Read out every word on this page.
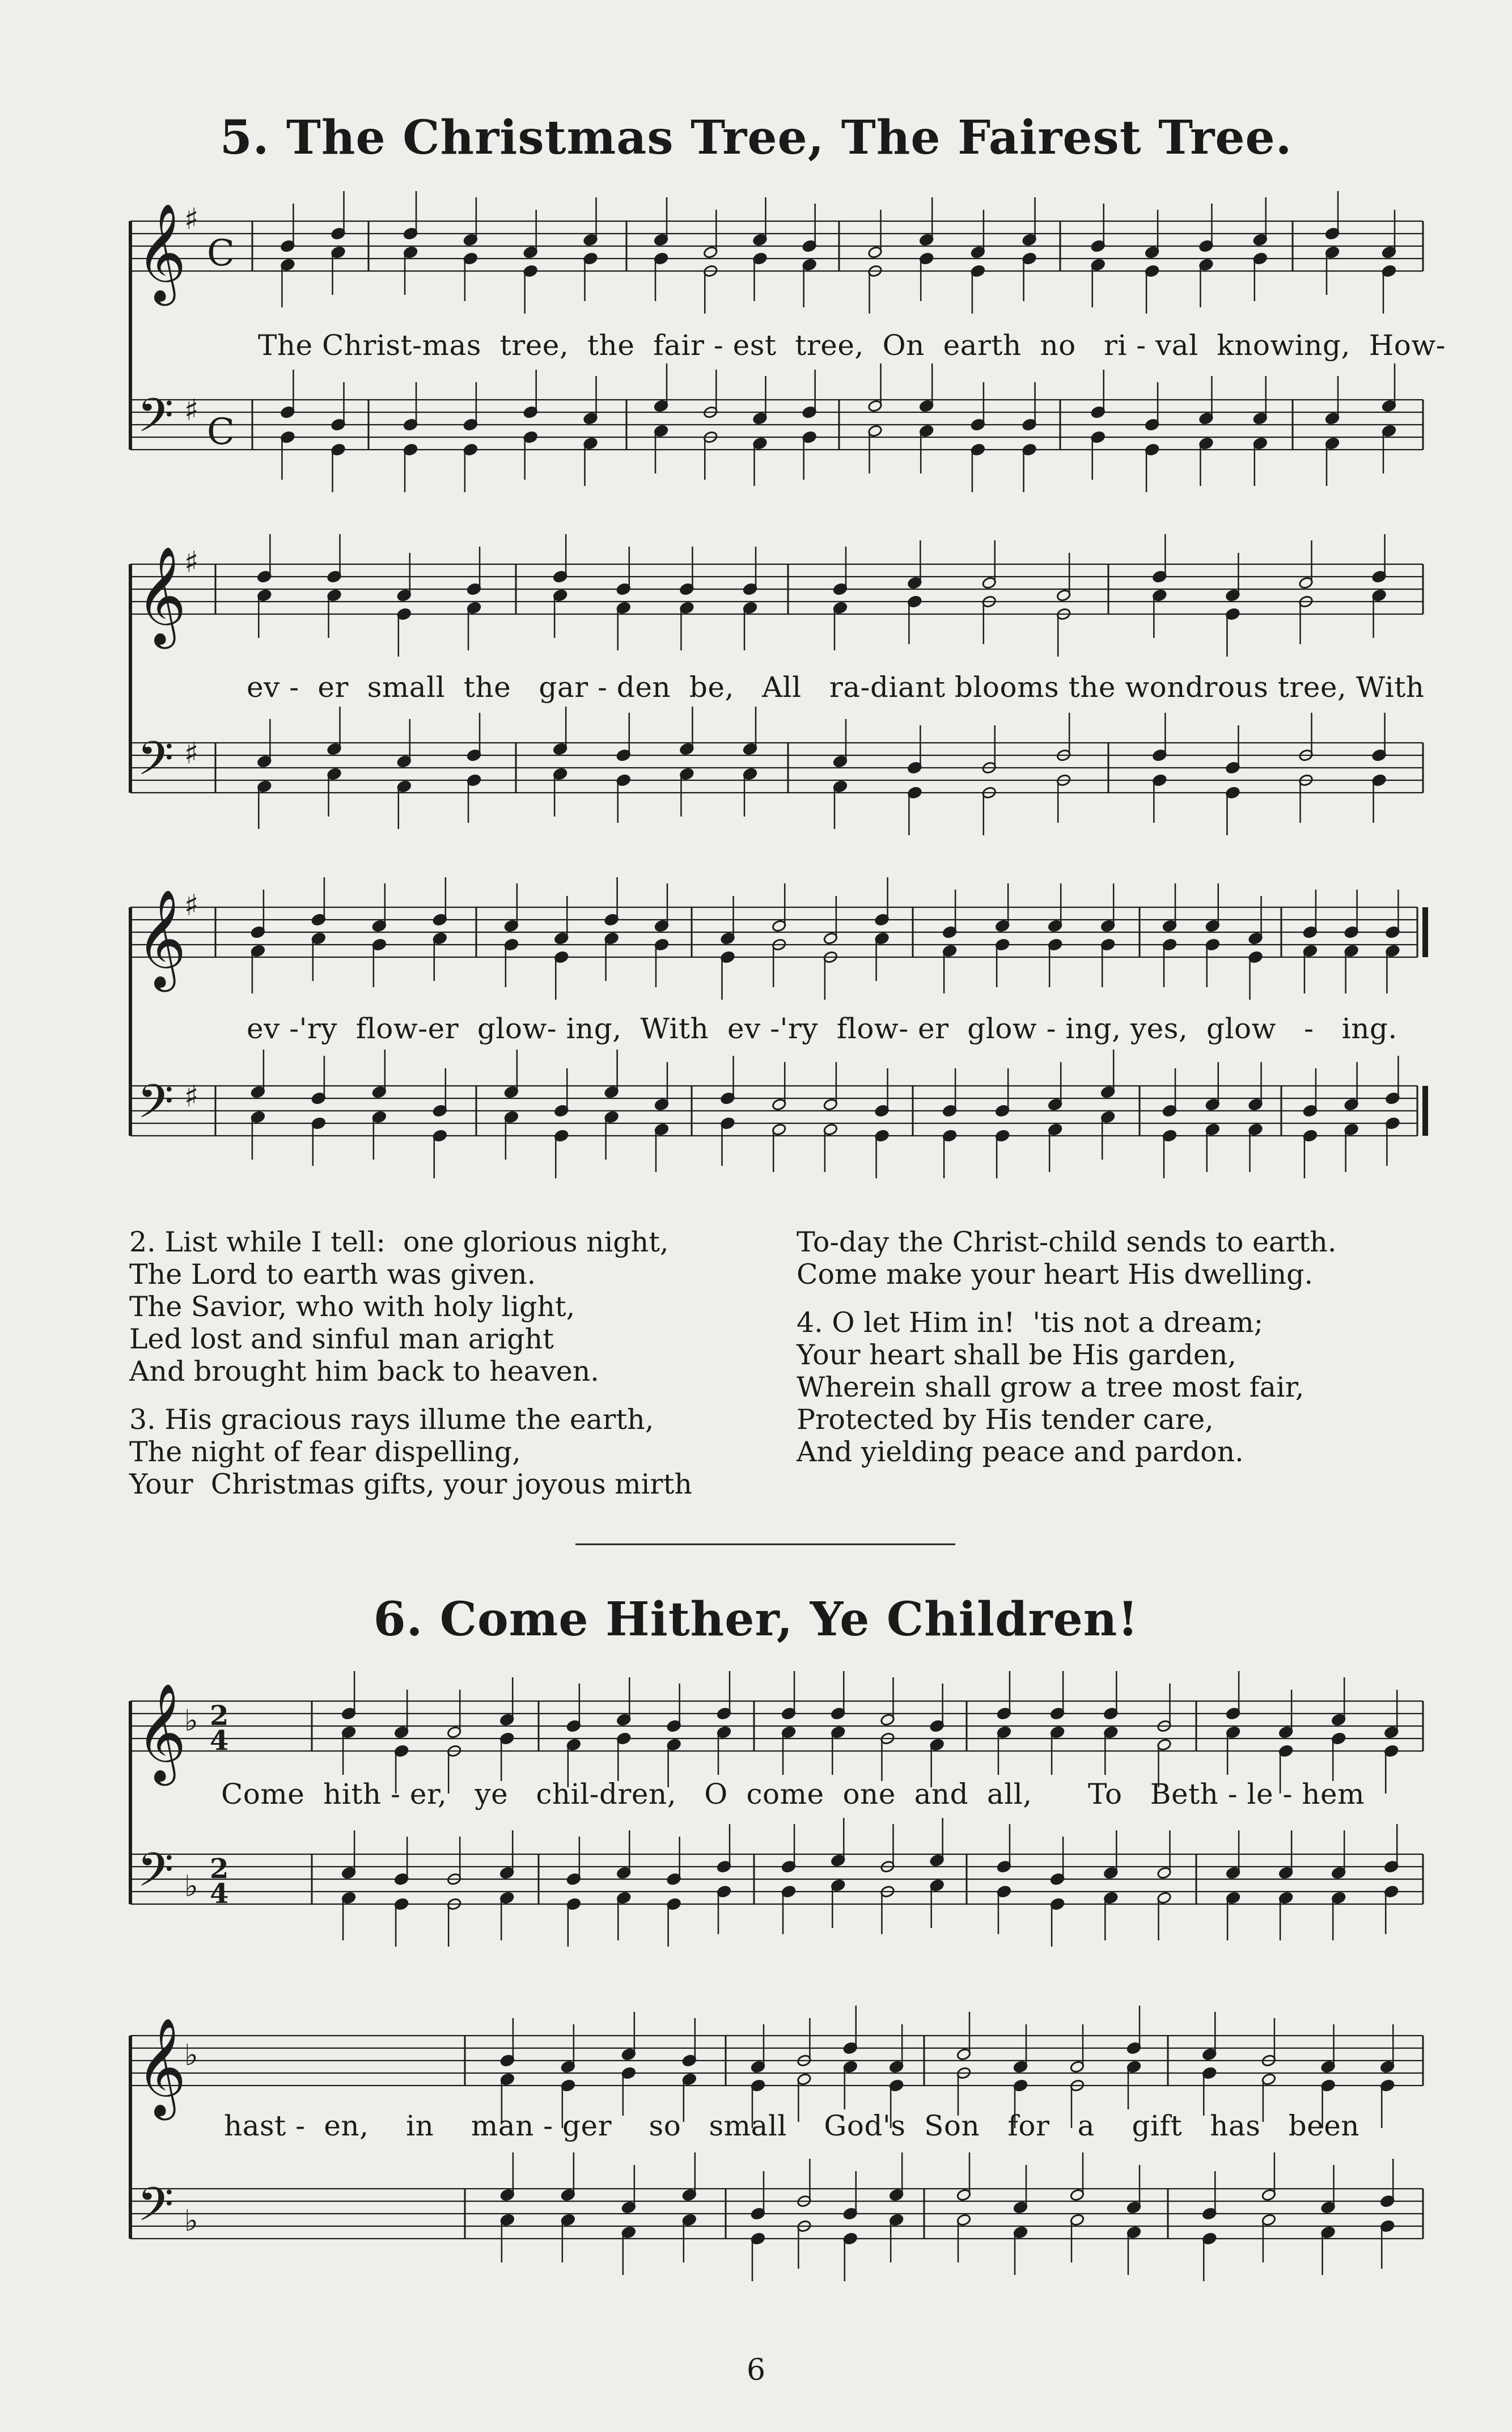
5. The Christmas Tree, The Fairest Tree.
𝄞
𝄢
♯
♯
C
C
The Christ-mas  tree,  the  fair - est  tree,  On  earth  no   ri - val  knowing,  How-
𝄞
𝄢
♯
♯
ev -  er  small  the   gar - den  be,   All   ra-diant blooms the wondrous tree, With
𝄞
𝄢
♯
♯
ev -'ry  flow-er  glow- ing,  With  ev -'ry  flow- er  glow - ing, yes,  glow   -   ing.
2. List while I tell:  one glorious night,
The Lord to earth was given.
The Savior, who with holy light,
Led lost and sinful man aright
And brought him back to heaven.
3. His gracious rays illume the earth,
The night of fear dispelling,
Your  Christmas gifts, your joyous mirth
To-day the Christ-child sends to earth.
Come make your heart His dwelling.
4. O let Him in!  'tis not a dream;
Your heart shall be His garden,
Wherein shall grow a tree most fair,
Protected by His tender care,
And yielding peace and pardon.
6. Come Hither, Ye Children!
𝄞
𝄢
♭
♭
2
4
2
4
Come  hith - er,   ye   chil-dren,   O  come  one  and  all,      To   Beth - le - hem
𝄞
𝄢
♭
♭
hast -  en,    in    man - ger    so   small    God's  Son   for   a    gift   has   been
6
